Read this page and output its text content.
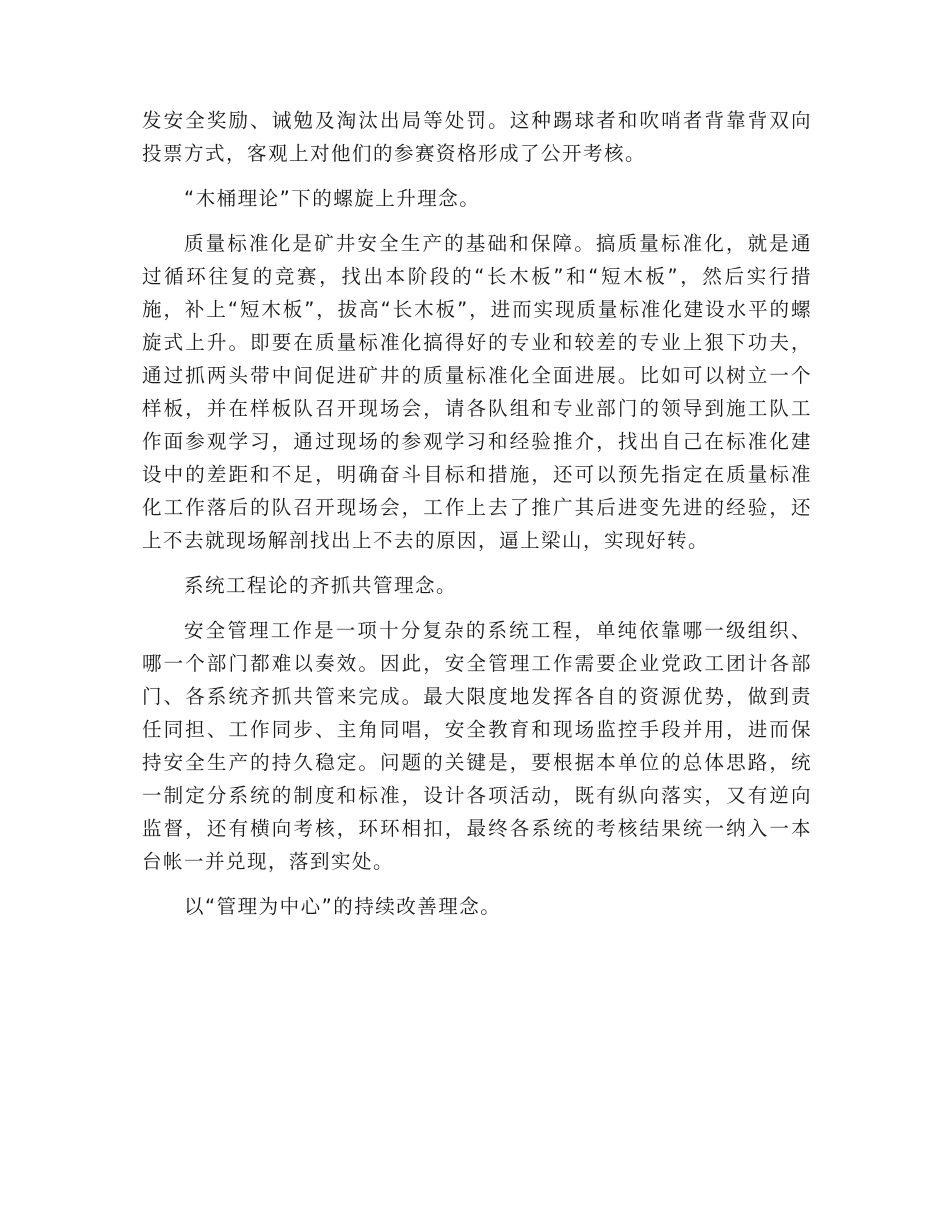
发安全奖励、诫勉及淘汰出局等处罚。这种踢球者和吹哨者背靠背双向投票方式，客观上对他们的参赛资格形成了公开考核。

“木桶理论”下的螺旋上升理念。

质量标准化是矿井安全生产的基础和保障。搞质量标准化，就是通过循环往复的竞赛，找出本阶段的“长木板”和“短木板”，然后实行措施，补上“短木板”，拔高“长木板”，进而实现质量标准化建设水平的螺旋式上升。即要在质量标准化搞得好的专业和较差的专业上狠下功夫，通过抓两头带中间促进矿井的质量标准化全面进展。比如可以树立一个样板，并在样板队召开现场会，请各队组和专业部门的领导到施工队工作面参观学习，通过现场的参观学习和经验推介，找出自己在标准化建设中的差距和不足，明确奋斗目标和措施，还可以预先指定在质量标准化工作落后的队召开现场会，工作上去了推广其后进变先进的经验，还上不去就现场解剖找出上不去的原因，逼上梁山，实现好转。

系统工程论的齐抓共管理念。

安全管理工作是一项十分复杂的系统工程，单纯依靠哪一级组织、哪一个部门都难以奏效。因此，安全管理工作需要企业党政工团计各部门、各系统齐抓共管来完成。最大限度地发挥各自的资源优势，做到责任同担、工作同步、主角同唱，安全教育和现场监控手段并用，进而保持安全生产的持久稳定。问题的关键是，要根据本单位的总体思路，统一制定分系统的制度和标准，设计各项活动，既有纵向落实，又有逆向监督，还有横向考核，环环相扣，最终各系统的考核结果统一纳入一本台帐一并兑现，落到实处。

以“管理为中心”的持续改善理念。
